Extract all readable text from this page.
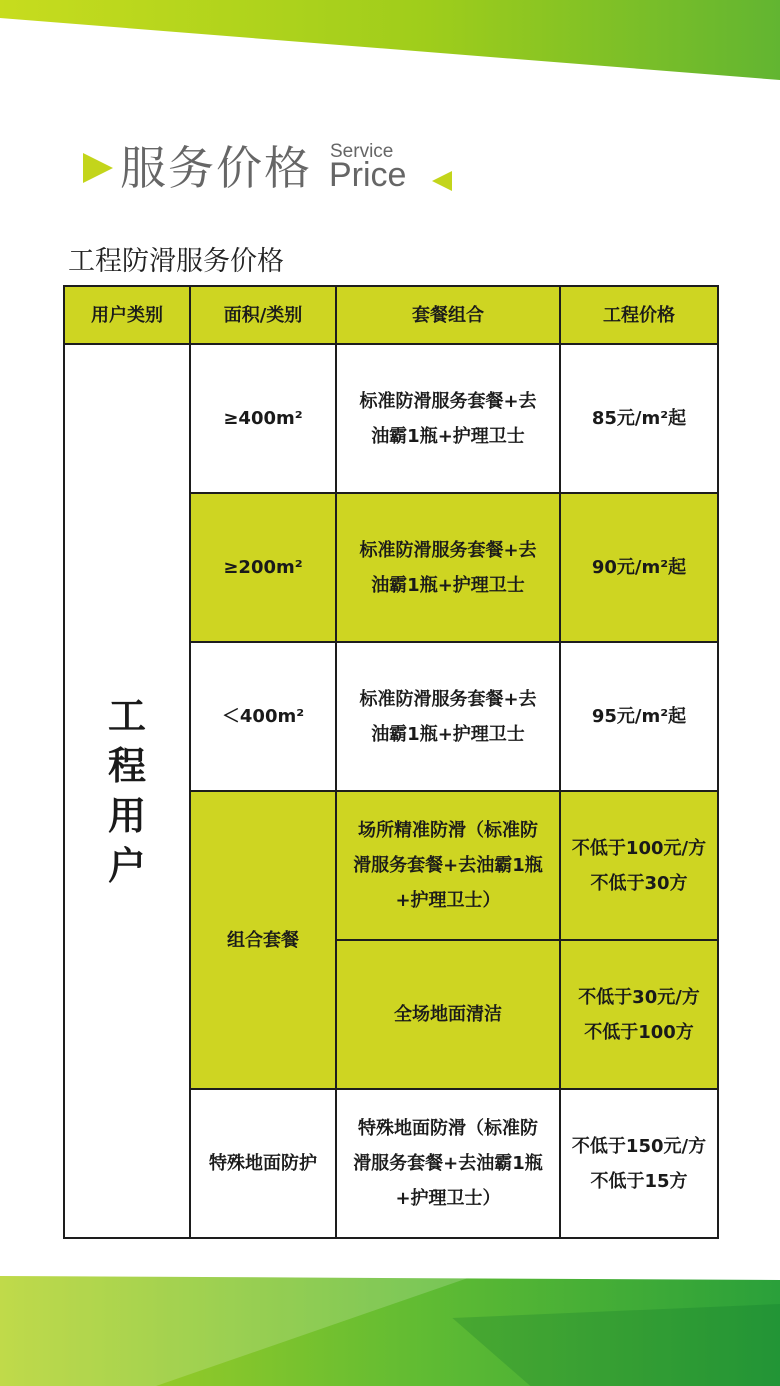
服务价格 Service
Price
工程防滑服务价格
用户类别	面积/类别	套餐组合	工程价格

工程用户	≥400m²	标准防滑服务套餐+去
油霸1瓶+护理卫士	85元/m²起
	≥200m²	标准防滑服务套餐+去
油霸1瓶+护理卫士	90元/m²起
	＜400m²	标准防滑服务套餐+去
油霸1瓶+护理卫士	95元/m²起
	组合套餐	场所精准防滑（标准防
滑服务套餐+去油霸1瓶
+护理卫士）	不低于100元/方
不低于30方
		全场地面清洁	不低于30元/方
不低于100方
	特殊地面防护	特殊地面防滑（标准防
滑服务套餐+去油霸1瓶
+护理卫士）	不低于150元/方
不低于15方
